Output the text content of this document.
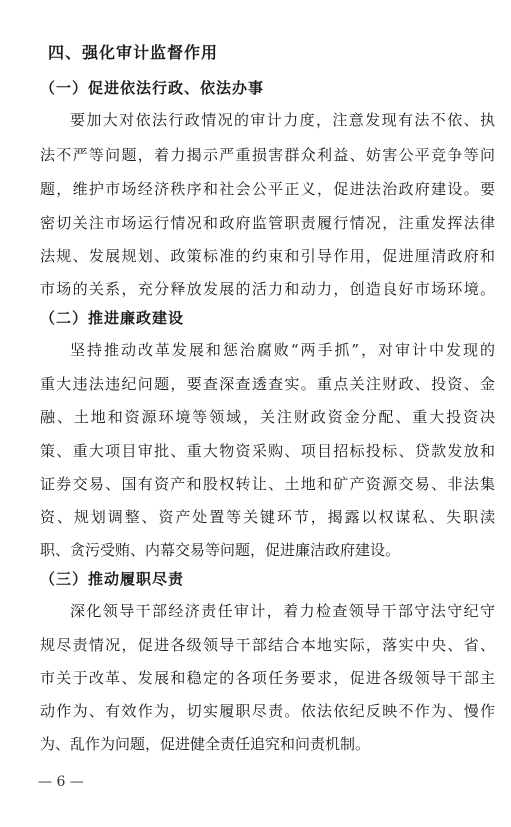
四、强化审计监督作用
（一）促进依法行政、依法办事
要加大对依法行政情况的审计力度，注意发现有法不依、执
法不严等问题，着力揭示严重损害群众利益、妨害公平竞争等问
题，维护市场经济秩序和社会公平正义，促进法治政府建设。要
密切关注市场运行情况和政府监管职责履行情况，注重发挥法律
法规、发展规划、政策标准的约束和引导作用，促进厘清政府和
市场的关系，充分释放发展的活力和动力，创造良好市场环境。
（二）推进廉政建设
坚持推动改革发展和惩治腐败“两手抓”，对审计中发现的
重大违法违纪问题，要查深查透查实。重点关注财政、投资、金
融、土地和资源环境等领域，关注财政资金分配、重大投资决
策、重大项目审批、重大物资采购、项目招标投标、贷款发放和
证券交易、国有资产和股权转让、土地和矿产资源交易、非法集
资、规划调整、资产处置等关键环节，揭露以权谋私、失职渎
职、贪污受贿、内幕交易等问题，促进廉洁政府建设。
（三）推动履职尽责
深化领导干部经济责任审计，着力检查领导干部守法守纪守
规尽责情况，促进各级领导干部结合本地实际，落实中央、省、
市关于改革、发展和稳定的各项任务要求，促进各级领导干部主
动作为、有效作为，切实履职尽责。依法依纪反映不作为、慢作
为、乱作为问题，促进健全责任追究和问责机制。
— 6 —
